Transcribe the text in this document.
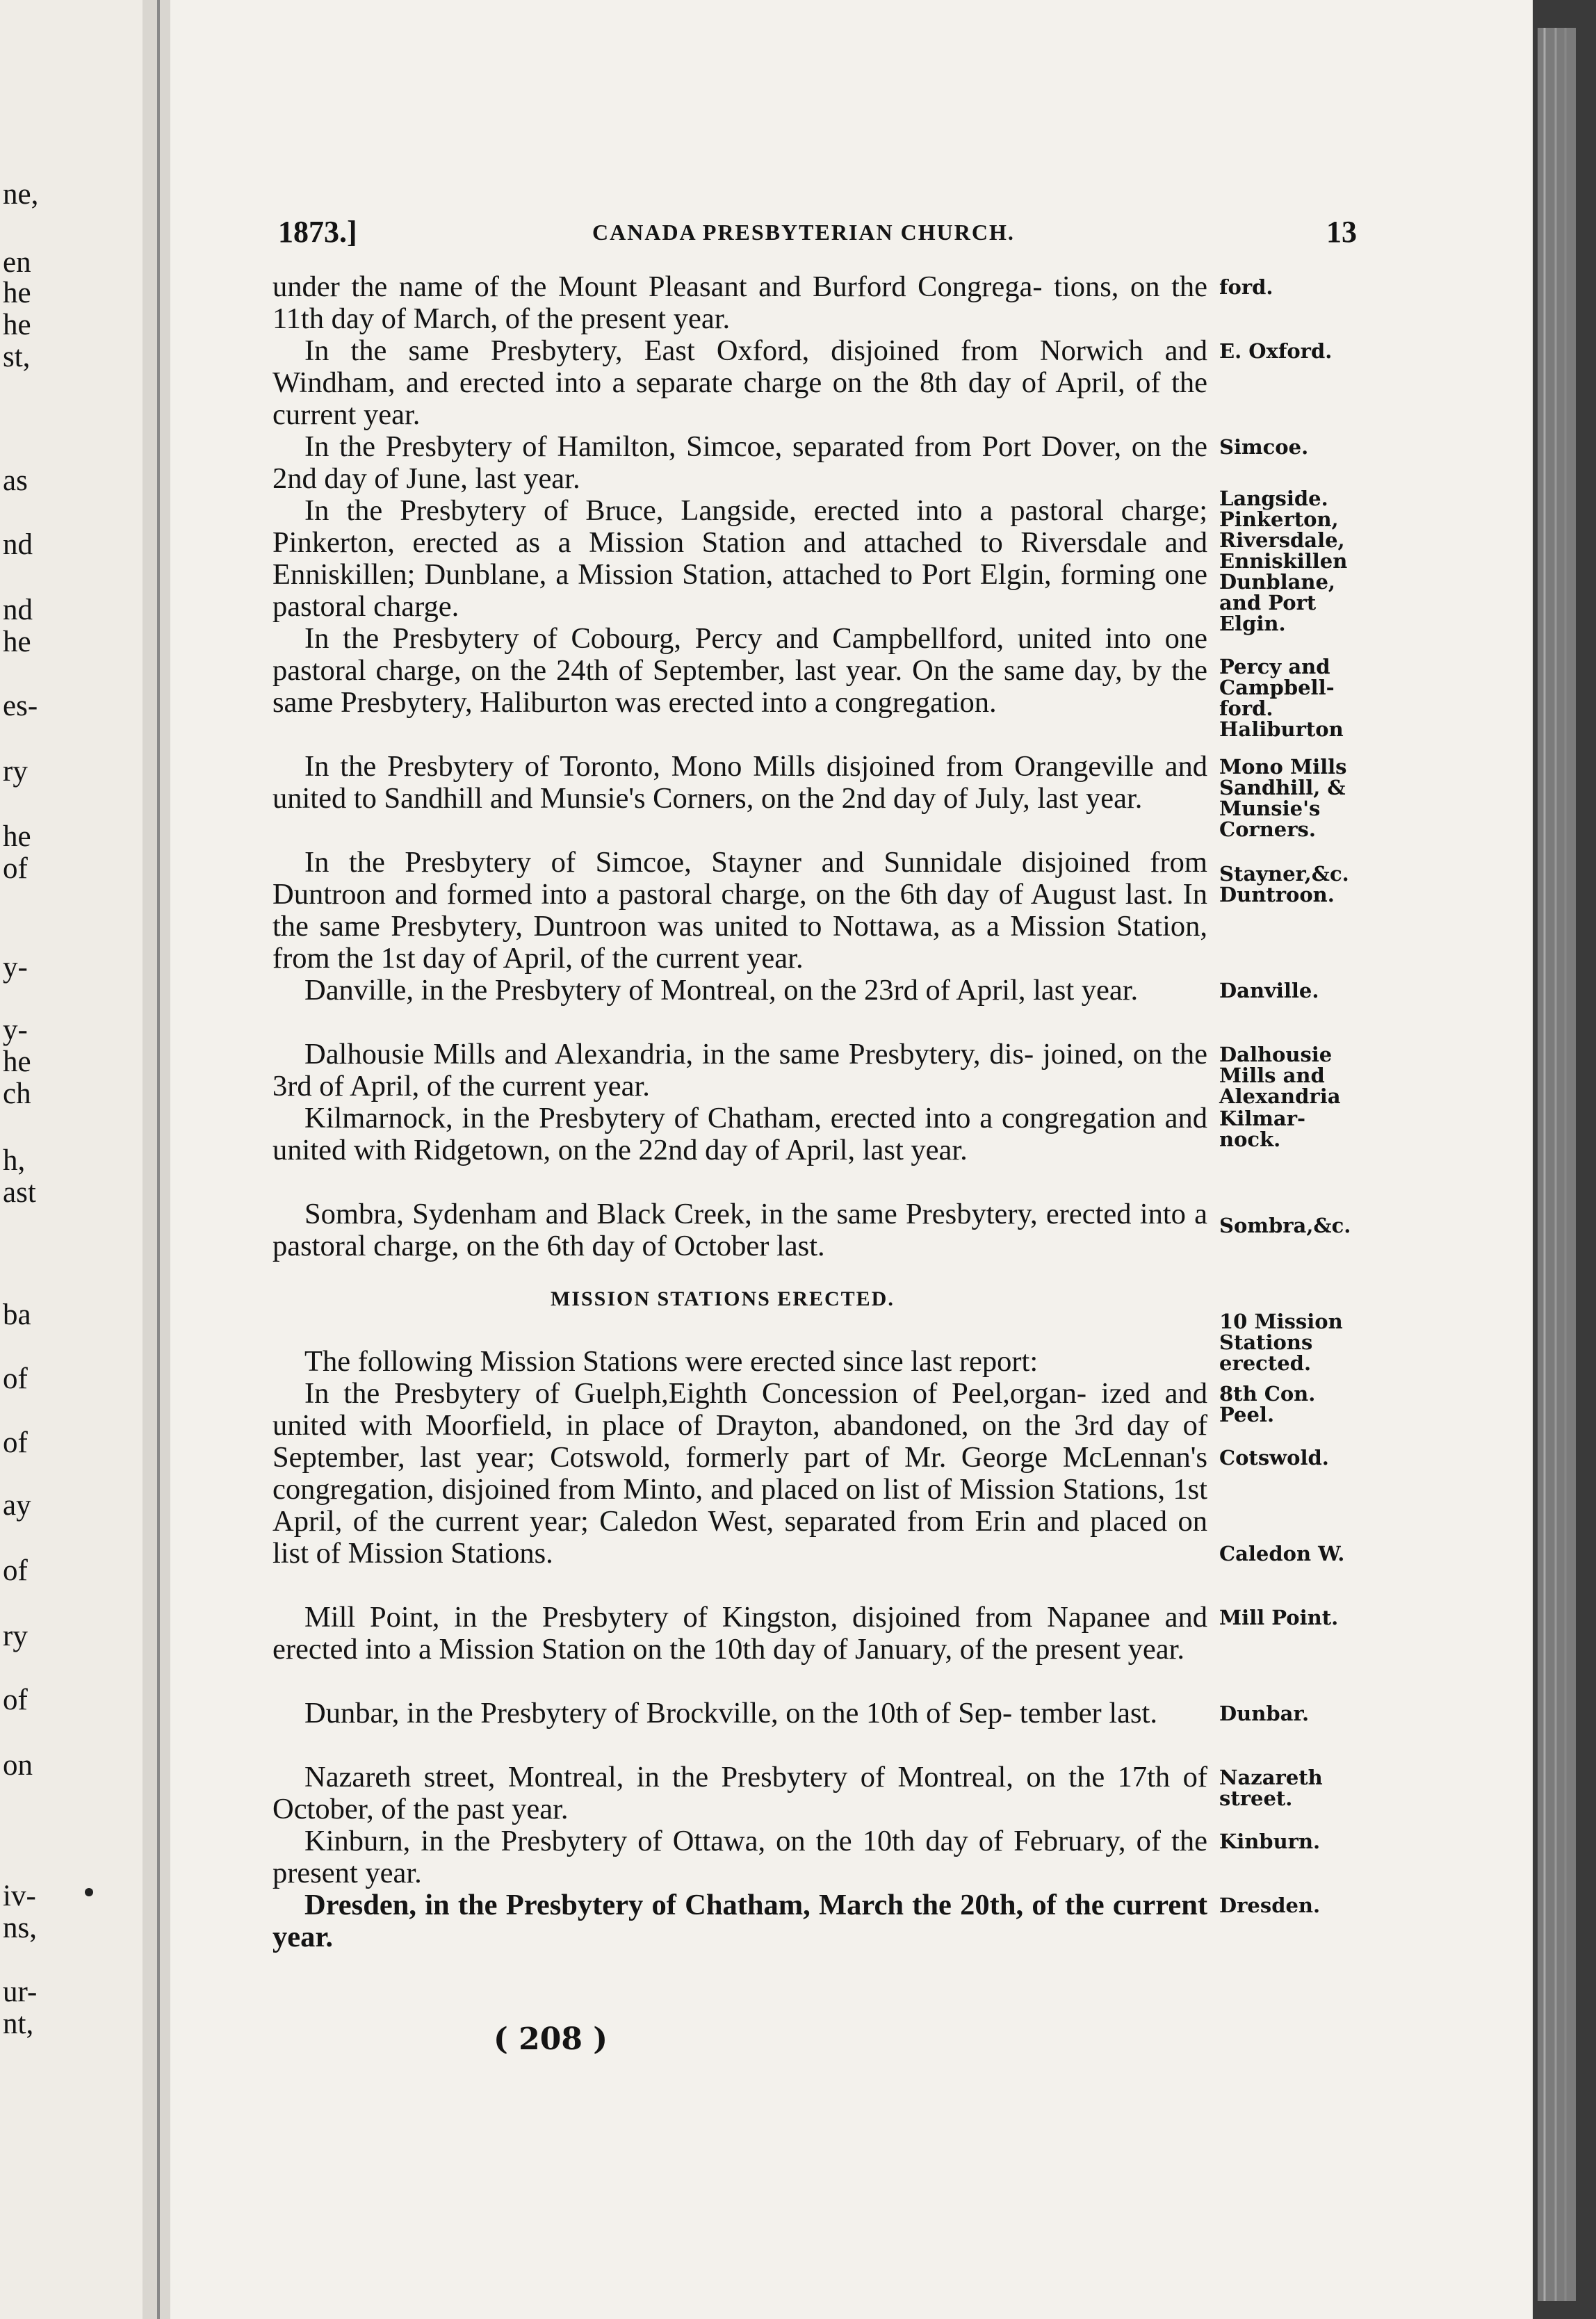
ne,
en
he
he
st,
as
nd
nd
he
es-
ry
he
of
y-
y-
he
ch
h,
ast
ba
of
of
ay
of
ry
of
on
iv-
ns,
ur-
nt,
1873.]	CANADA PRESBYTERIAN CHURCH.	13

under the name of the Mount Pleasant and Burford Congrega- tions, on the 11th day of March, of the present year.

ford.

In the same Presbytery, East Oxford, disjoined from Norwich and Windham, and erected into a separate charge on the 8th day of April, of the current year.

E. Oxford.

In the Presbytery of Hamilton, Simcoe, separated from Port Dover, on the 2nd day of June, last year.

Simcoe.

In the Presbytery of Bruce, Langside, erected into a pastoral charge; Pinkerton, erected as a Mission Station and attached to Riversdale and Enniskillen; Dunblane, a Mission Station, attached to Port Elgin, forming one pastoral charge.

Langside. Pinkerton, Riversdale, Enniskillen Dunblane, and Port Elgin.

In the Presbytery of Cobourg, Percy and Campbellford, united into one pastoral charge, on the 24th of September, last year. On the same day, by the same Presbytery, Haliburton was erected into a congregation.

Percy and Campbell- ford. Haliburton

In the Presbytery of Toronto, Mono Mills disjoined from Orangeville and united to Sandhill and Munsie's Corners, on the 2nd day of July, last year.

Mono Mills Sandhill, & Munsie's Corners.

In the Presbytery of Simcoe, Stayner and Sunnidale disjoined from Duntroon and formed into a pastoral charge, on the 6th day of August last. In the same Presbytery, Duntroon was united to Nottawa, as a Mission Station, from the 1st day of April, of the current year.

Stayner,&c. Duntroon.

Danville, in the Presbytery of Montreal, on the 23rd of April, last year.	Danville.

Dalhousie Mills and Alexandria, in the same Presbytery, dis- joined, on the 3rd of April, of the current year.

Dalhousie Mills and Alexandria

Kilmarnock, in the Presbytery of Chatham, erected into a congregation and united with Ridgetown, on the 22nd day of April, last year.

Kilmar- nock.

Sombra, Sydenham and Black Creek, in the same Presbytery, erected into a pastoral charge, on the 6th day of October last.

Sombra,&c.
MISSION STATIONS ERECTED.
10 Mission Stations erected.

The following Mission Stations were erected since last report:

In the Presbytery of Guelph,Eighth Concession of Peel,organ- ized and united with Moorfield, in place of Drayton, abandoned, on the 3rd day of September, last year; Cotswold, formerly part of Mr. George McLennan's congregation, disjoined from Minto, and placed on list of Mission Stations, 1st April, of the current year; Caledon West, separated from Erin and placed on list of Mission Stations.

8th Con. Peel.
Cotswold.
Caledon W.

Mill Point, in the Presbytery of Kingston, disjoined from Napanee and erected into a Mission Station on the 10th day of January, of the present year.

Mill Point.

Dunbar, in the Presbytery of Brockville, on the 10th of Sep- tember last.	Dunbar.

Nazareth street, Montreal, in the Presbytery of Montreal, on the 17th of October, of the past year.

Nazareth street.

Kinburn, in the Presbytery of Ottawa, on the 10th day of February, of the present year.

Kinburn.

Dresden, in the Presbytery of Chatham, March the 20th, of the current year.

Dresden.
( 208 )
